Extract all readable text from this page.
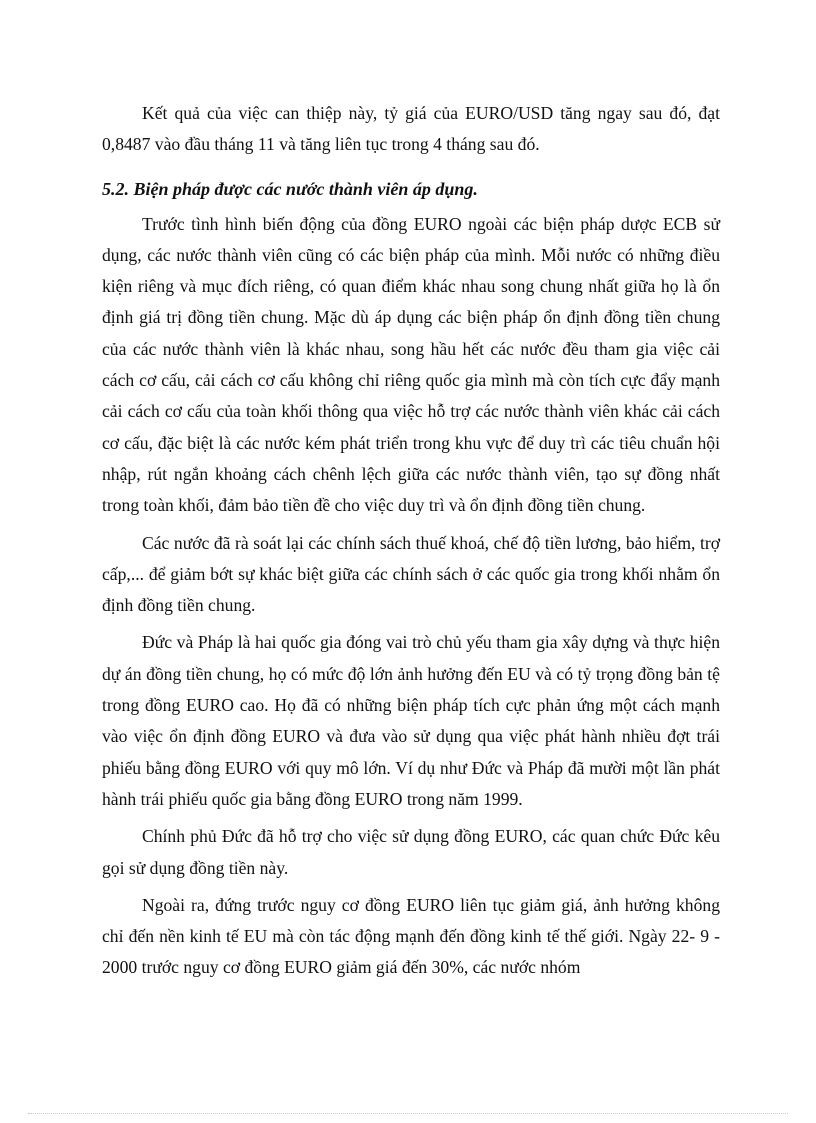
Kết quả của việc can thiệp này, tỷ giá của EURO/USD tăng ngay sau đó, đạt 0,8487 vào đầu tháng 11 và tăng liên tục trong 4 tháng sau đó.

5.2. Biện pháp được các nước thành viên áp dụng.

Trước tình hình biến động của đồng EURO ngoài các biện pháp dược ECB sử dụng, các nước thành viên cũng có các biện pháp của mình. Mỗi nước có những điều kiện riêng và mục đích riêng, có quan điểm khác nhau song chung nhất giữa họ là ổn định giá trị đồng tiền chung. Mặc dù áp dụng các biện pháp ổn định đồng tiền chung của các nước thành viên là khác nhau, song hầu hết các nước đều tham gia việc cải cách cơ cấu, cải cách cơ cấu không chỉ riêng quốc gia mình mà còn tích cực đẩy mạnh cải cách cơ cấu của toàn khối thông qua việc hỗ trợ các nước thành viên khác cải cách cơ cấu, đặc biệt là các nước kém phát triển trong khu vực để duy trì các tiêu chuẩn hội nhập, rút ngắn khoảng cách chênh lệch giữa các nước thành viên, tạo sự đồng nhất trong toàn khối, đảm bảo tiền đề cho việc duy trì và ổn định đồng tiền chung.

Các nước đã rà soát lại các chính sách thuế khoá, chế độ tiền lương, bảo hiểm, trợ cấp,... để giảm bớt sự khác biệt giữa các chính sách ở các quốc gia trong khối nhằm ổn định đồng tiền chung.

Đức và Pháp là hai quốc gia đóng vai trò chủ yếu tham gia xây dựng và thực hiện dự án đồng tiền chung, họ có mức độ lớn ảnh hưởng đến EU và có tỷ trọng đồng bản tệ trong đồng EURO cao. Họ đã có những biện pháp tích cực phản ứng một cách mạnh vào việc ổn định đồng EURO và đưa vào sử dụng qua việc phát hành nhiều đợt trái phiếu bằng đồng EURO với quy mô lớn. Ví dụ như Đức và Pháp đã mười một lần phát hành trái phiếu quốc gia bằng đồng EURO trong năm 1999.

Chính phủ Đức đã hỗ trợ cho việc sử dụng đồng EURO, các quan chức Đức kêu gọi sử dụng đồng tiền này.

Ngoài ra, đứng trước nguy cơ đồng EURO liên tục giảm giá, ảnh hưởng không chỉ đến nền kinh tế EU mà còn tác động mạnh đến đồng kinh tế thế giới. Ngày 22- 9 - 2000 trước nguy cơ đồng EURO giảm giá đến 30%, các nước nhóm
